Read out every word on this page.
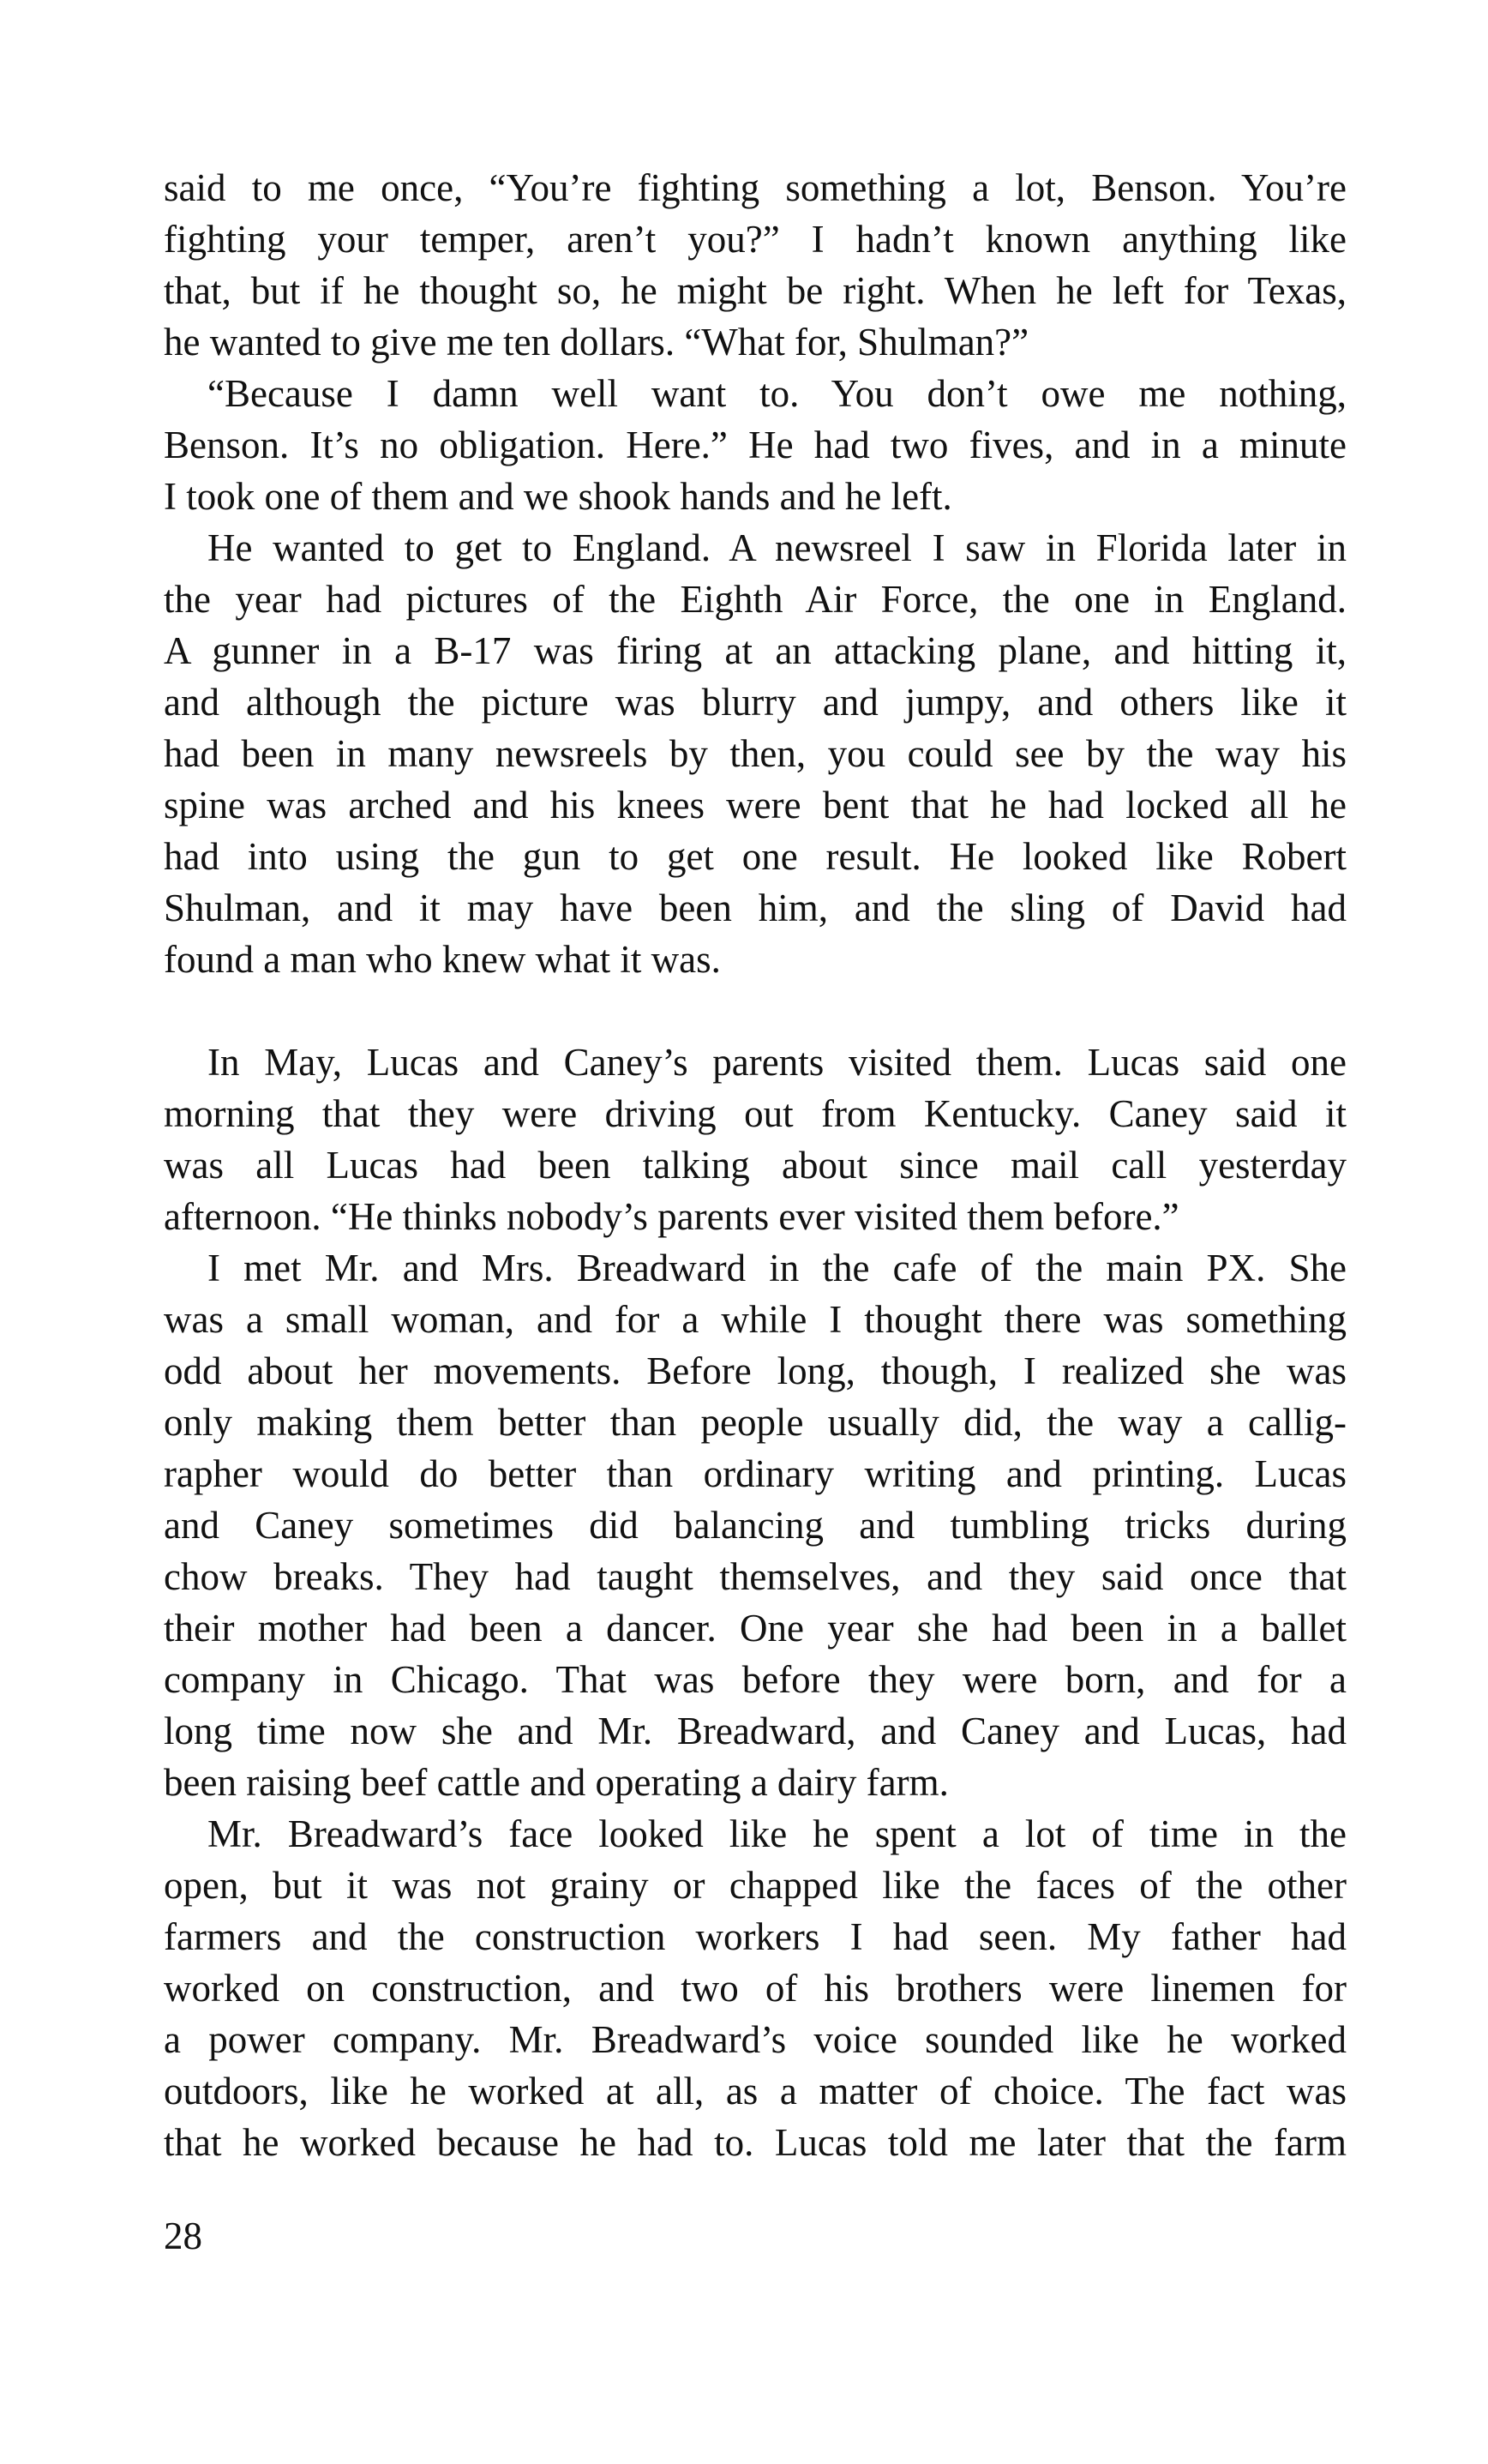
said to me once, “You’re fighting something a lot, Benson. You’re
fighting your temper, aren’t you?” I hadn’t known anything like
that, but if he thought so, he might be right. When he left for Texas,
he wanted to give me ten dollars. “What for, Shulman?”
“Because I damn well want to. You don’t owe me nothing,
Benson. It’s no obligation. Here.” He had two fives, and in a minute
I took one of them and we shook hands and he left.
He wanted to get to England. A newsreel I saw in Florida later in
the year had pictures of the Eighth Air Force, the one in England.
A gunner in a B-17 was firing at an attacking plane, and hitting it,
and although the picture was blurry and jumpy, and others like it
had been in many newsreels by then, you could see by the way his
spine was arched and his knees were bent that he had locked all he
had into using the gun to get one result. He looked like Robert
Shulman, and it may have been him, and the sling of David had
found a man who knew what it was.
In May, Lucas and Caney’s parents visited them. Lucas said one
morning that they were driving out from Kentucky. Caney said it
was all Lucas had been talking about since mail call yesterday
afternoon. “He thinks nobody’s parents ever visited them before.”
I met Mr. and Mrs. Breadward in the cafe of the main PX. She
was a small woman, and for a while I thought there was something
odd about her movements. Before long, though, I realized she was
only making them better than people usually did, the way a callig-
rapher would do better than ordinary writing and printing. Lucas
and Caney sometimes did balancing and tumbling tricks during
chow breaks. They had taught themselves, and they said once that
their mother had been a dancer. One year she had been in a ballet
company in Chicago. That was before they were born, and for a
long time now she and Mr. Breadward, and Caney and Lucas, had
been raising beef cattle and operating a dairy farm.
Mr. Breadward’s face looked like he spent a lot of time in the
open, but it was not grainy or chapped like the faces of the other
farmers and the construction workers I had seen. My father had
worked on construction, and two of his brothers were linemen for
a power company. Mr. Breadward’s voice sounded like he worked
outdoors, like he worked at all, as a matter of choice. The fact was
that he worked because he had to. Lucas told me later that the farm
28
